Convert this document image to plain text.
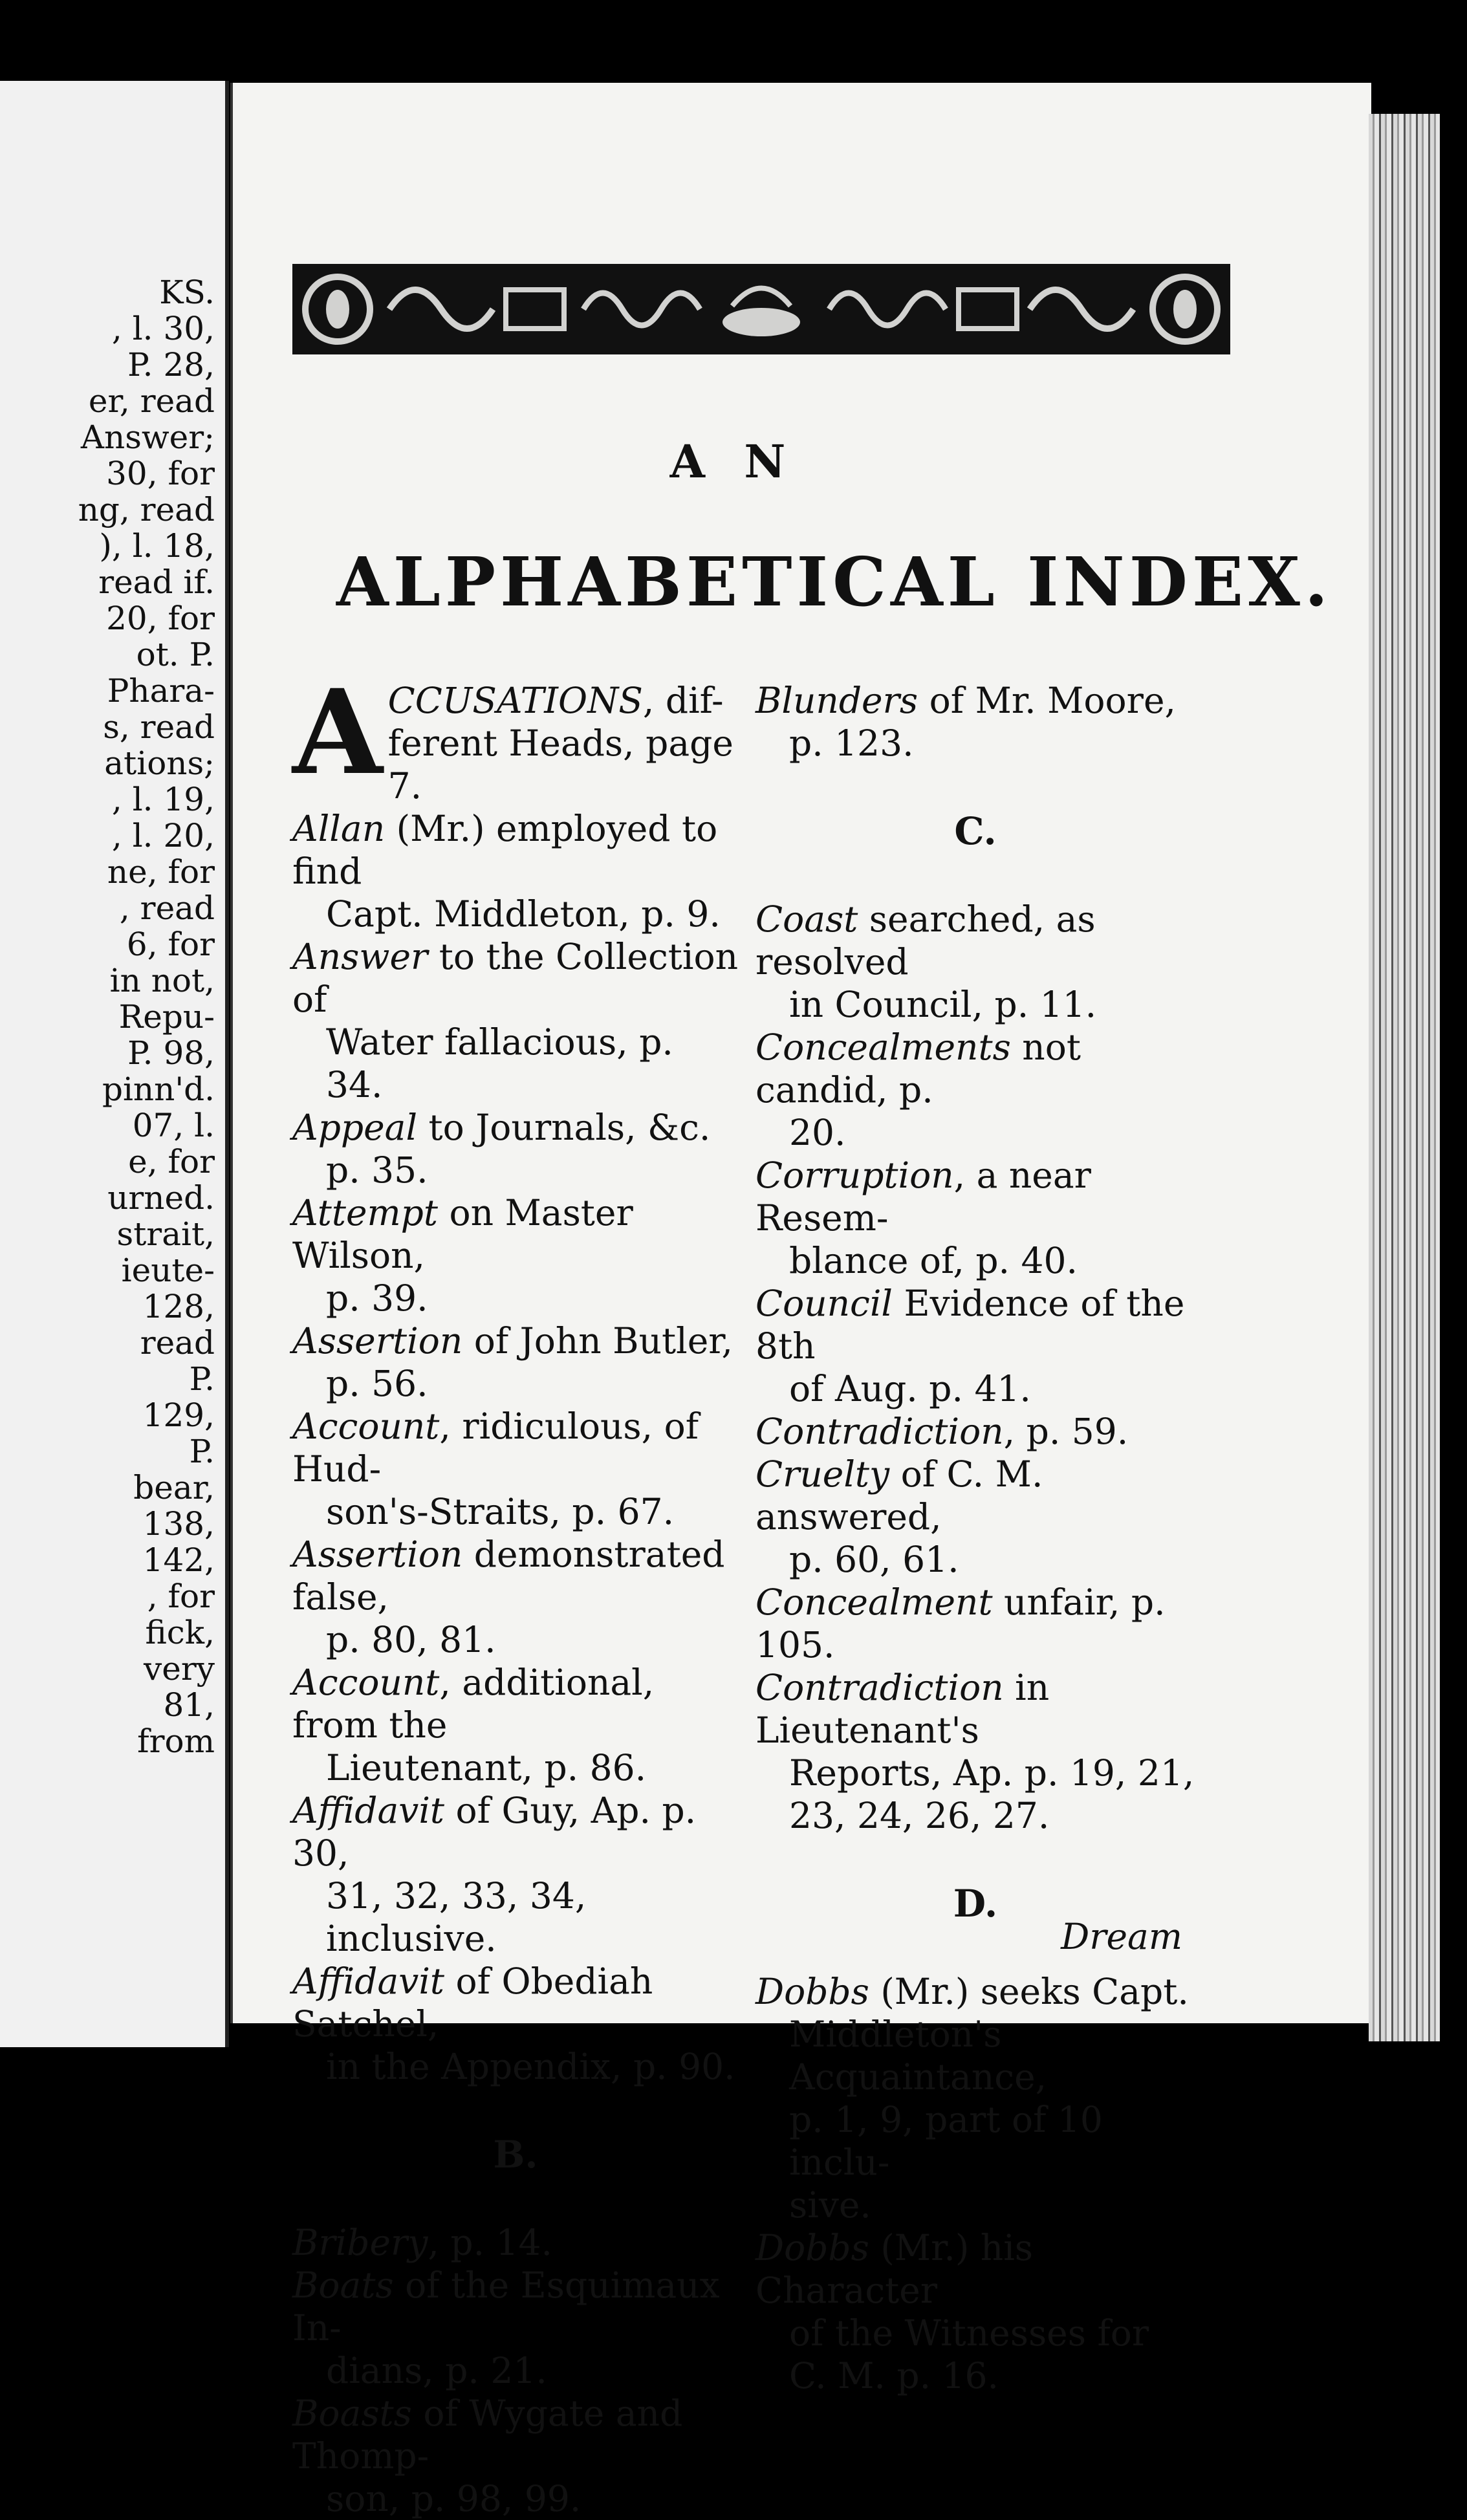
KS.
, l. 30,
P. 28,
er, read
Answer;
30, for
ng, read
), l. 18,
read if.
20, for
ot. P.
Phara-
s, read
ations;
, l. 19,
, l. 20,
ne, for
, read
6, for
in not,
Repu-
P. 98,
pinn'd.
07, l.
e, for
urned.
strait,
ieute-
128,
read
P.
129,
P.
bear,
138,
142,
, for
fick,
very
81,
from
A N
ALPHABETICAL INDEX.
ACCUSATIONS, dif-
ferent Heads, page 7.
Allan (Mr.) employed to find
Capt. Middleton, p. 9.
Answer to the Collection of
Water fallacious, p. 34.
Appeal to Journals, &c.
p. 35.
Attempt on Master Wilson,
p. 39.
Assertion of John Butler,
p. 56.
Account, ridiculous, of Hud-
son's-Straits, p. 67.
Assertion demonstrated false,
p. 80, 81.
Account, additional, from the
Lieutenant, p. 86.
Affidavit of Guy, Ap. p. 30,
31, 32, 33, 34, inclusive.
Affidavit of Obediah Satchel,
in the Appendix, p. 90.
B.
Bribery, p. 14.
Boats of the Esquimaux In-
dians, p. 21.
Boasts of Wygate and Thomp-
son, p. 98, 99.
Blunders of Mr. Moore,
p. 123.
C.
Coast searched, as resolved
in Council, p. 11.
Concealments not candid, p.
20.
Corruption, a near Resem-
blance of, p. 40.
Council Evidence of the 8th
of Aug. p. 41.
Contradiction, p. 59.
Cruelty of C. M. answered,
p. 60, 61.
Concealment unfair, p. 105.
Contradiction in Lieutenant's
Reports, Ap. p. 19, 21,
23, 24, 26, 27.
D.
Dobbs (Mr.) seeks Capt.
Middleton's Acquaintance,
p. 1, 9, part of 10 inclu-
sive.
Dobbs (Mr.) his Character
of the Witnesses for
C. M. p. 16.
Dream
